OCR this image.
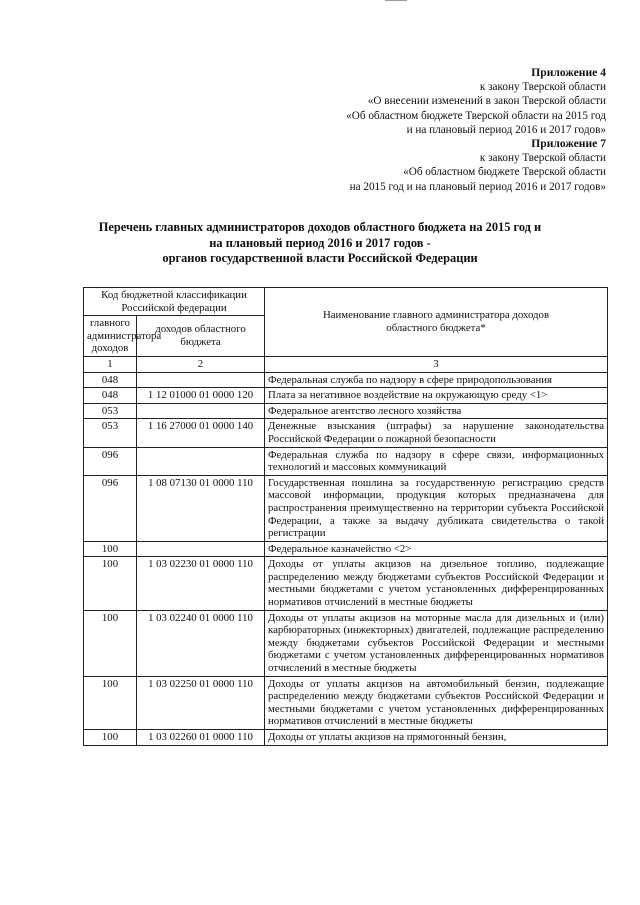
Приложение 4
к закону Тверской области
«О внесении изменений в закон Тверской области
«Об областном бюджете Тверской области на 2015 год
и на плановый период 2016 и 2017 годов»
Приложение 7
к закону Тверской области
«Об областном бюджете Тверской области
на 2015 год и на плановый период 2016 и 2017 годов»
Перечень главных администраторов доходов областного бюджета на 2015 год и
на плановый период 2016 и 2017 годов -
органов государственной власти Российской Федерации
Код бюджетной классификации Российской федерации		Наименование главного администратора доходов областного бюджета*
главного администратора доходов	доходов областного бюджета	
1	2	3
048		Федеральная служба по надзору в сфере природопользования
048	1 12 01000 01 0000 120	Плата за негативное воздействие на окружающую среду <1>
053		Федеральное агентство лесного хозяйства
053	1 16 27000 01 0000 140	Денежные взыскания (штрафы) за нарушение законодательства Российской Федерации о пожарной безопасности
096		Федеральная служба по надзору в сфере связи, информационных технологий и массовых коммуникаций
096	1 08 07130 01 0000 110	Государственная пошлина за государственную регистрацию средств массовой информации, продукция которых предназначена для распространения преимущественно на территории субъекта Российской Федерации, а также за выдачу дубликата свидетельства о такой регистрации
100		Федеральное казначейство <2>
100	1 03 02230 01 0000 110	Доходы от уплаты акцизов на дизельное топливо, подлежащие распределению между бюджетами субъектов Российской Федерации и местными бюджетами с учетом установленных дифференцированных нормативов отчислений в местные бюджеты
100	1 03 02240 01 0000 110	Доходы от уплаты акцизов на моторные масла для дизельных и (или) карбюраторных (инжекторных) двигателей, подлежащие распределению между бюджетами субъектов Российской Федерации и местными бюджетами с учетом установленных дифференцированных нормативов отчислений в местные бюджеты
100	1 03 02250 01 0000 110	Доходы от уплаты акцизов на автомобильный бензин, подлежащие распределению между бюджетами субъектов Российской Федерации и местными бюджетами с учетом установленных дифференцированных нормативов отчислений в местные бюджеты
100	1 03 02260 01 0000 110	Доходы от уплаты акцизов на прямогонный бензин,
